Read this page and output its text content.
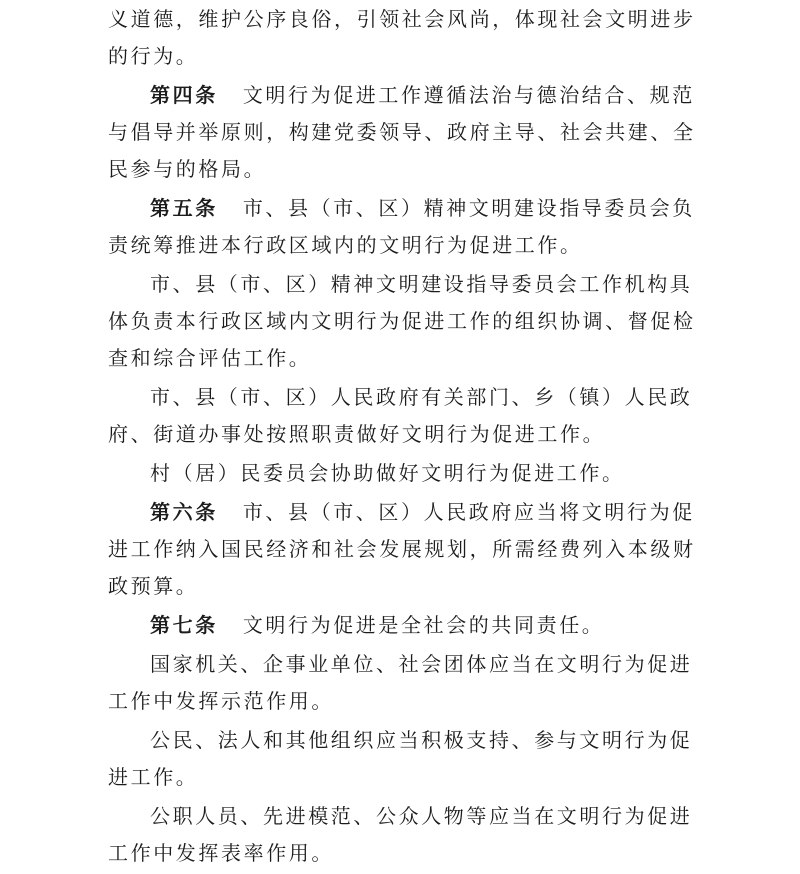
义道德，维护公序良俗，引领社会风尚，体现社会文明进步
的行为。

第四条 文明行为促进工作遵循法治与德治结合、规范
与倡导并举原则，构建党委领导、政府主导、社会共建、全
民参与的格局。

第五条 市、县（市、区）精神文明建设指导委员会负
责统筹推进本行政区域内的文明行为促进工作。

市、县（市、区）精神文明建设指导委员会工作机构具
体负责本行政区域内文明行为促进工作的组织协调、督促检
查和综合评估工作。

市、县（市、区）人民政府有关部门、乡（镇）人民政
府、街道办事处按照职责做好文明行为促进工作。

村（居）民委员会协助做好文明行为促进工作。

第六条 市、县（市、区）人民政府应当将文明行为促
进工作纳入国民经济和社会发展规划，所需经费列入本级财
政预算。

第七条 文明行为促进是全社会的共同责任。

国家机关、企事业单位、社会团体应当在文明行为促进
工作中发挥示范作用。

公民、法人和其他组织应当积极支持、参与文明行为促
进工作。

公职人员、先进模范、公众人物等应当在文明行为促进
工作中发挥表率作用。
